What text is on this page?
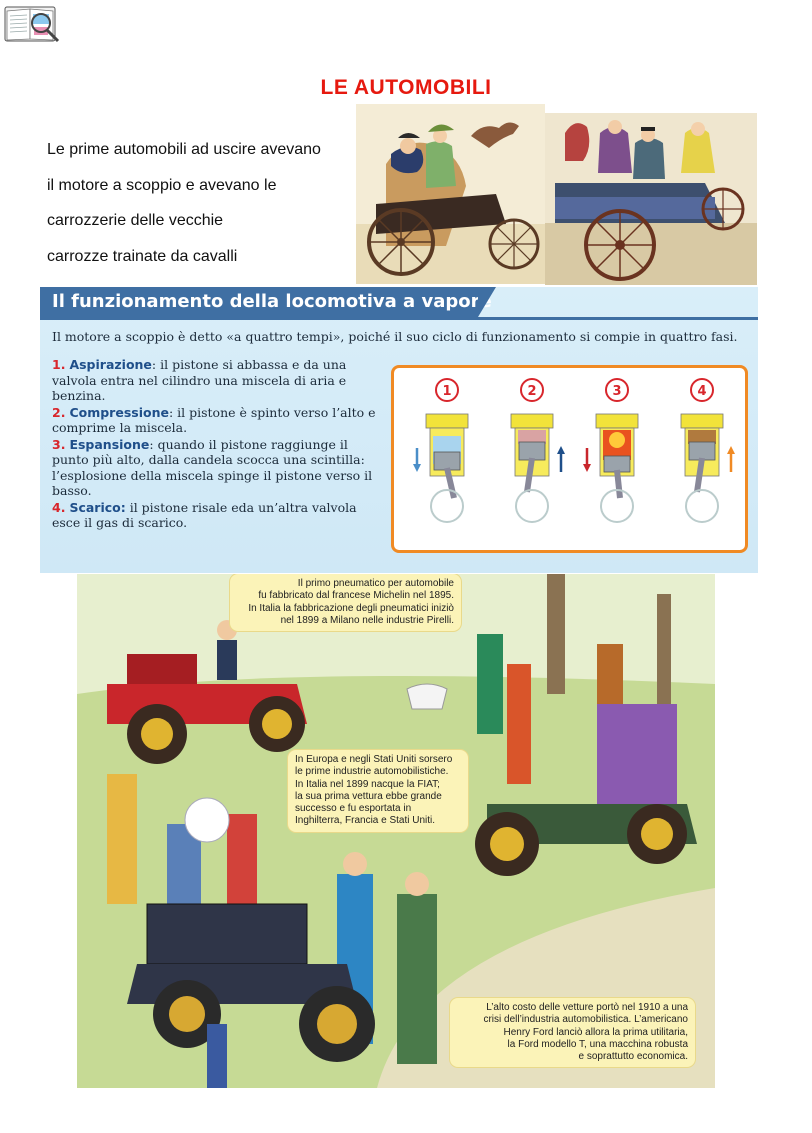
LE AUTOMOBILI
Le prime automobili ad uscire avevano
il motore a scoppio e avevano le
carrozzerie delle vecchie
carrozze trainate da cavalli
Il funzionamento della locomotiva a vapore
Il motore a scoppio è detto «a quattro tempi», poiché il suo ciclo di funzionamento si compie in quattro fasi.
1. Aspirazione: il pistone si abbassa e da una valvola entra nel cilindro una miscela di aria e benzina.
2. Compressione: il pistone è spinto verso l’alto e comprime la miscela.
3. Espansione: quando il pistone raggiunge il punto più alto, dalla candela scocca una scintilla: l’esplosione della miscela spinge il pistone verso il basso.
4. Scarico: il pistone risale eda un’altra valvola esce il gas di scarico.
1	2	3	4
Il primo pneumatico per automobile
fu fabbricato dal francese Michelin nel 1895.
In Italia la fabbricazione degli pneumatici iniziò
nel 1899 a Milano nelle industrie Pirelli.
In Europa e negli Stati Uniti sorsero
le prime industrie automobilistiche.
In Italia nel 1899 nacque la FIAT;
la sua prima vettura ebbe grande
successo e fu esportata in
Inghilterra, Francia e Stati Uniti.
L’alto costo delle vetture portò nel 1910 a una
crisi dell’industria automobilistica. L’americano
Henry Ford lanciò allora la prima utilitaria,
la Ford modello T, una macchina robusta
e soprattutto economica.
